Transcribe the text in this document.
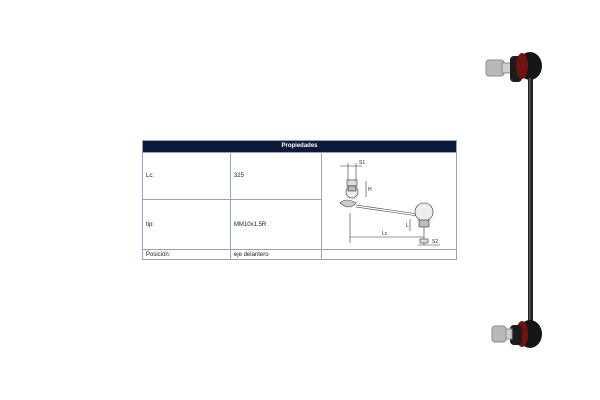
Propiedades		
Lc:	325	S1
H
L
Lc
S2

tip:	MM10x1.5R	
Posición:	eje delantero	
